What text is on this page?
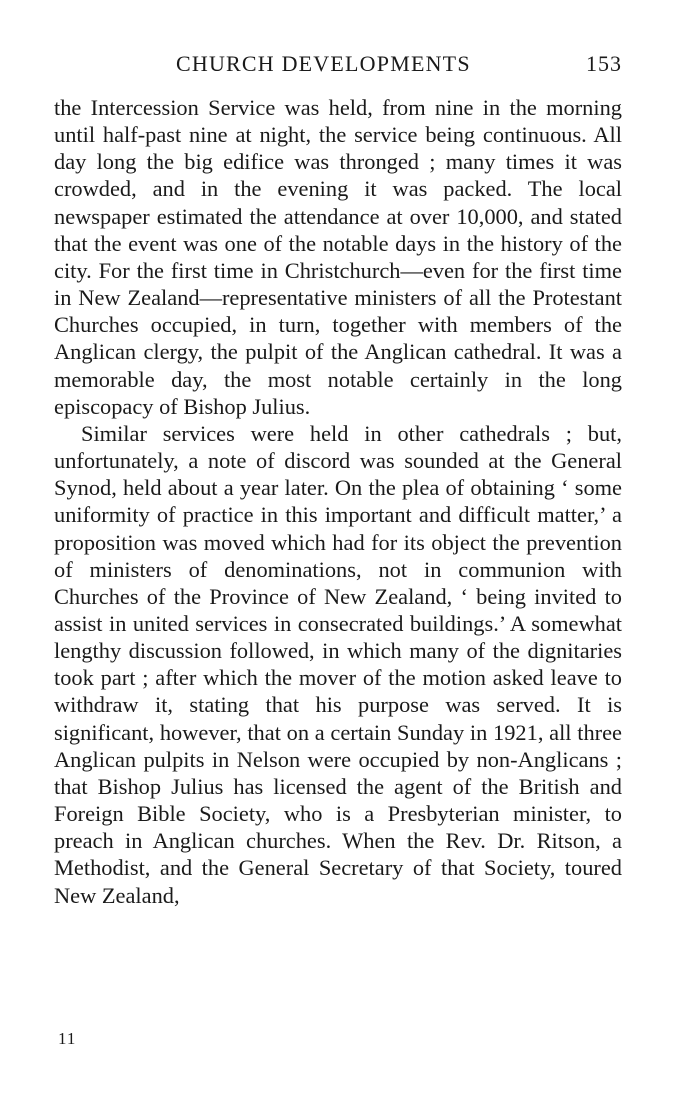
CHURCH DEVELOPMENTS	153

the Intercession Service was held, from nine in the morning until half-past nine at night, the service being continuous. All day long the big edifice was thronged ; many times it was crowded, and in the evening it was packed. The local newspaper estimated the attendance at over 10,000, and stated that the event was one of the notable days in the history of the city. For the first time in Christchurch—even for the first time in New Zealand—representative ministers of all the Protestant Churches occupied, in turn, together with members of the Anglican clergy, the pulpit of the Anglican cathedral. It was a memorable day, the most notable certainly in the long episcopacy of Bishop Julius.

Similar services were held in other cathedrals ; but, unfortunately, a note of discord was sounded at the General Synod, held about a year later. On the plea of obtaining ‘ some uniformity of practice in this important and difficult matter,’ a proposition was moved which had for its object the prevention of ministers of denominations, not in communion with Churches of the Province of New Zealand, ‘ being invited to assist in united services in consecrated buildings.’ A somewhat lengthy discussion followed, in which many of the dignitaries took part ; after which the mover of the motion asked leave to withdraw it, stating that his purpose was served. It is significant, however, that on a certain Sunday in 1921, all three Anglican pulpits in Nelson were occupied by non-Anglicans ; that Bishop Julius has licensed the agent of the British and Foreign Bible Society, who is a Presbyterian minister, to preach in Anglican churches. When the Rev. Dr. Ritson, a Methodist, and the General Secretary of that Society, toured New Zealand,

11
